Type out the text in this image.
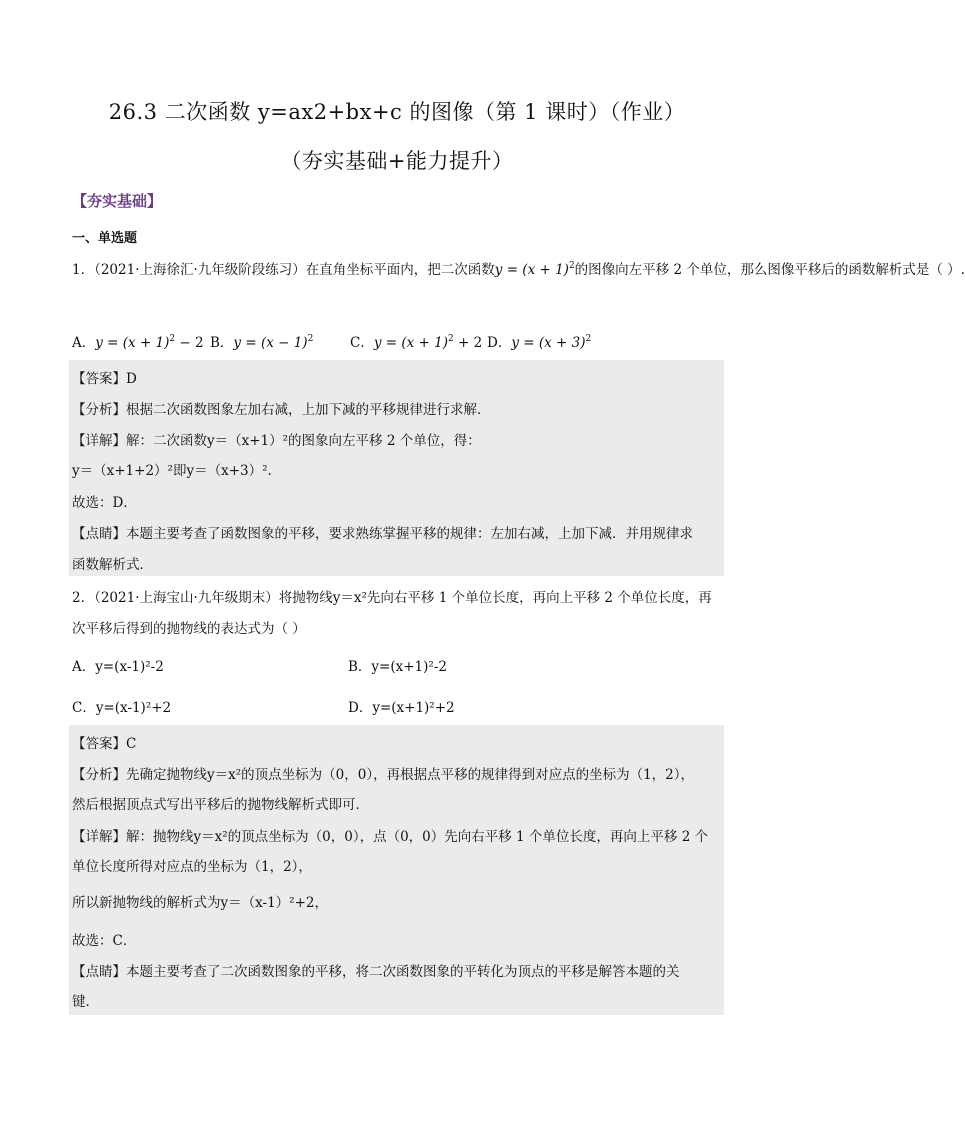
26.3 二次函数 y=ax2+bx+c 的图像（第 1 课时）（作业）
（夯实基础+能力提升）
【夯实基础】
一、单选题
1．（2021·上海徐汇·九年级阶段练习）在直角坐标平面内，把二次函数$y = (x + 1)^2$的图像向左平移 2 个单位，那么图像平移后的函数解析式是（ ）.
A．$y = (x + 1)^2 - 2$ B．$y = (x - 1)^2$	C．$y = (x + 1)^2 + 2$ D．$y = (x + 3)^2$
【答案】D
【分析】根据二次函数图象左加右减，上加下减的平移规律进行求解．
【详解】解：二次函数y＝（x+1）²的图象向左平移 2 个单位，得：
y＝（x+1+2）²即y＝（x+3）².
故选：D．
【点睛】本题主要考查了函数图象的平移，要求熟练掌握平移的规律：左加右减，上加下减．并用规律求
函数解析式．
2．（2021·上海宝山·九年级期末）将抛物线y＝x²先向右平移 1 个单位长度，再向上平移 2 个单位长度，再
次平移后得到的抛物线的表达式为（ ）
A．y=(x-1)²-2	B．y=(x+1)²-2
C．y=(x-1)²+2	D．y=(x+1)²+2
【答案】C
【分析】先确定抛物线y＝x²的顶点坐标为（0，0），再根据点平移的规律得到对应点的坐标为（1，2），
然后根据顶点式写出平移后的抛物线解析式即可．
【详解】解：抛物线y＝x²的顶点坐标为（0，0），点（0，0）先向右平移 1 个单位长度，再向上平移 2 个
单位长度所得对应点的坐标为（1，2），
所以新抛物线的解析式为y＝（x-1）²+2，
故选：C．
【点睛】本题主要考查了二次函数图象的平移，将二次函数图象的平转化为顶点的平移是解答本题的关
键．
